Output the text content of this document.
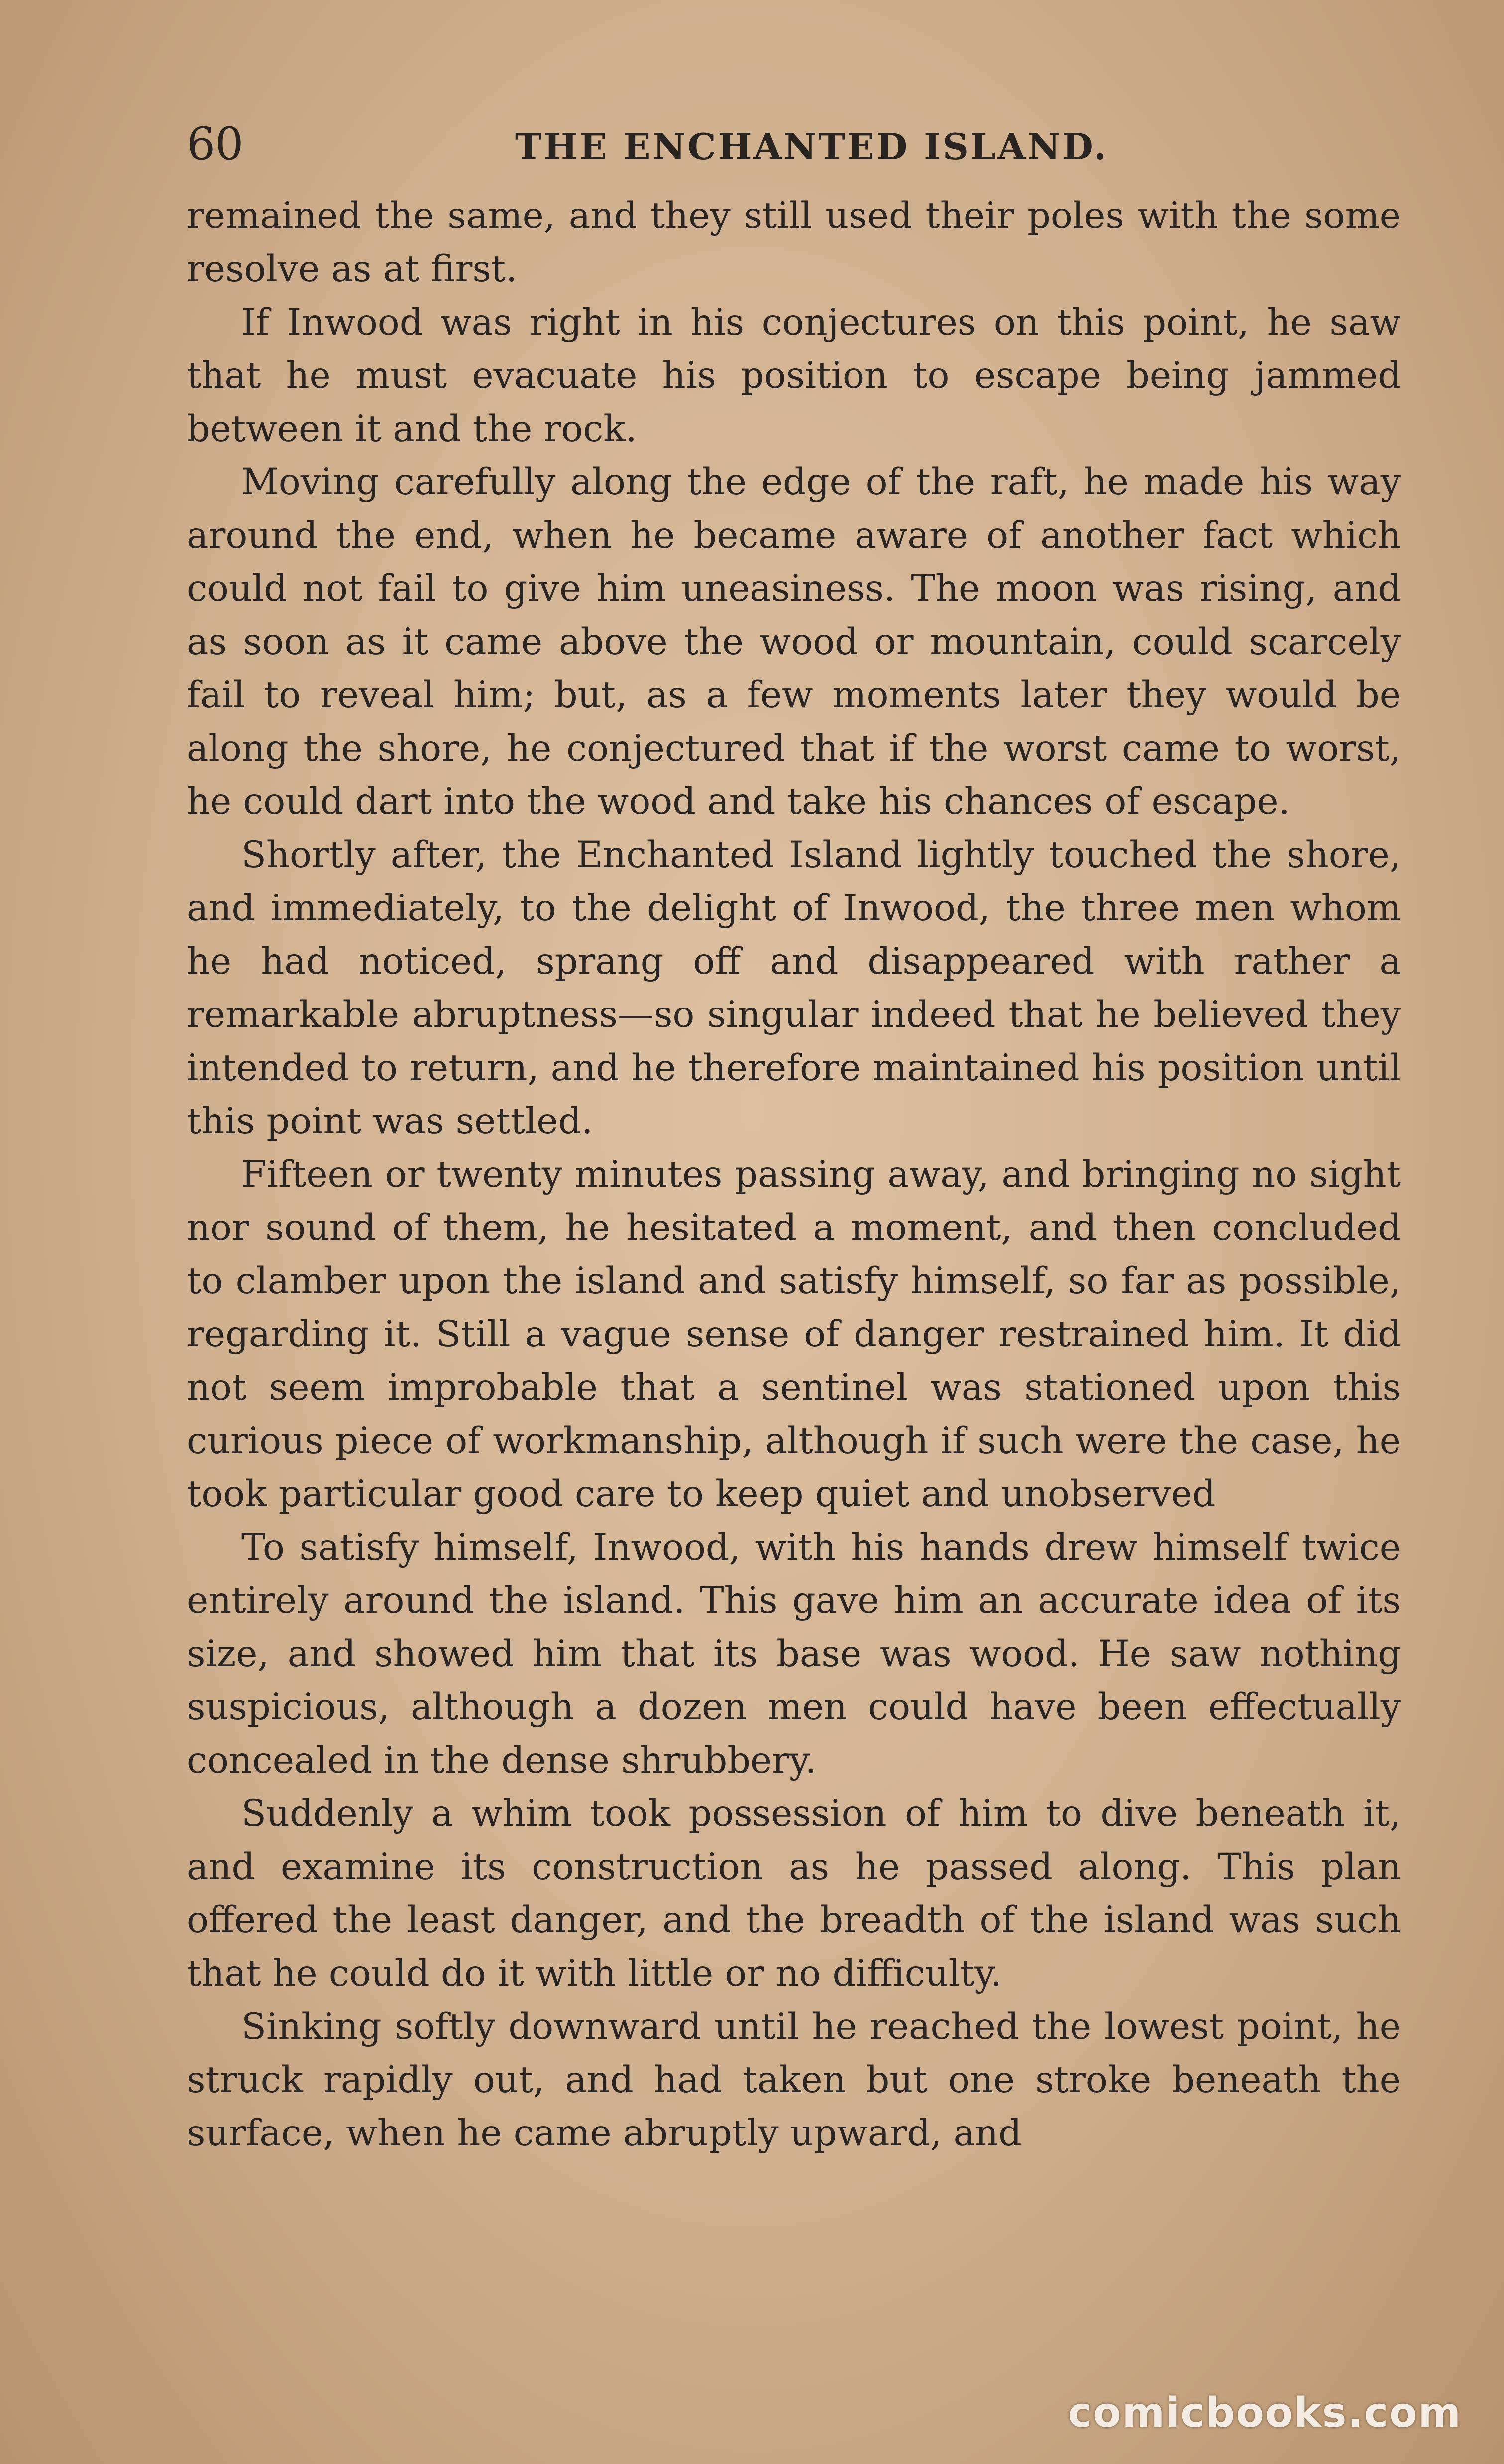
60	THE ENCHANTED ISLAND.

remained the same, and they still used their poles with the some resolve as at first.

If Inwood was right in his conjectures on this point, he saw that he must evacuate his position to escape being jammed between it and the rock.

Moving carefully along the edge of the raft, he made his way around the end, when he became aware of another fact which could not fail to give him uneasiness. The moon was rising, and as soon as it came above the wood or mountain, could scarcely fail to reveal him; but, as a few moments later they would be along the shore, he conjectured that if the worst came to worst, he could dart into the wood and take his chances of escape.

Shortly after, the Enchanted Island lightly touched the shore, and immediately, to the delight of Inwood, the three men whom he had noticed, sprang off and disappeared with rather a remarkable abruptness—so singular indeed that he believed they intended to return, and he therefore maintained his position until this point was settled.

Fifteen or twenty minutes passing away, and bringing no sight nor sound of them, he hesitated a moment, and then concluded to clamber upon the island and satisfy himself, so far as possible, regarding it. Still a vague sense of danger restrained him. It did not seem improbable that a sentinel was stationed upon this curious piece of workmanship, although if such were the case, he took particular good care to keep quiet and unobserved

To satisfy himself, Inwood, with his hands drew himself twice entirely around the island. This gave him an accurate idea of its size, and showed him that its base was wood. He saw nothing suspicious, although a dozen men could have been effectually concealed in the dense shrubbery.

Suddenly a whim took possession of him to dive beneath it, and examine its construction as he passed along. This plan offered the least danger, and the breadth of the island was such that he could do it with little or no difficulty.

Sinking softly downward until he reached the lowest point, he struck rapidly out, and had taken but one stroke beneath the surface, when he came abruptly upward, and

comicbooks.com
